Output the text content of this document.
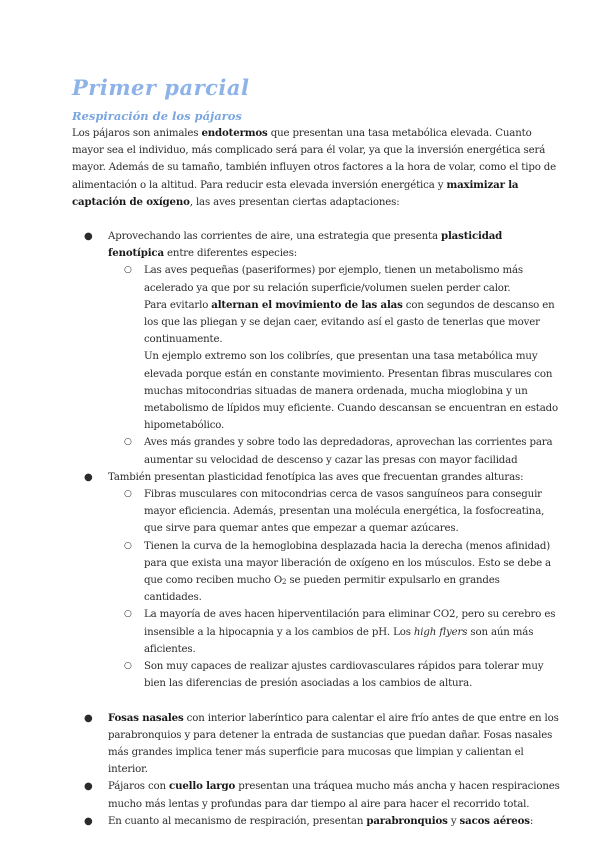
Primer parcial
Respiración de los pájaros

Los pájaros son animales endotermos que presentan una tasa metabólica elevada. Cuanto mayor sea el individuo, más complicado será para él volar, ya que la inversión energética será mayor. Además de su tamaño, también influyen otros factores a la hora de volar, como el tipo de alimentación o la altitud. Para reducir esta elevada inversión energética y maximizar la captación de oxígeno, las aves presentan ciertas adaptaciones:

● Aprovechando las corrientes de aire, una estrategia que presenta plasticidad fenotípica entre diferentes especies:

○ Las aves pequeñas (paseriformes) por ejemplo, tienen un metabolismo más acelerado ya que por su relación superficie/volumen suelen perder calor.

Para evitarlo alternan el movimiento de las alas con segundos de descanso en los que las pliegan y se dejan caer, evitando así el gasto de tenerlas que mover continuamente.

Un ejemplo extremo son los colibríes, que presentan una tasa metabólica muy elevada porque están en constante movimiento. Presentan fibras musculares con muchas mitocondrias situadas de manera ordenada, mucha mioglobina y un metabolismo de lípidos muy eficiente. Cuando descansan se encuentran en estado hipometabólico.

○ Aves más grandes y sobre todo las depredadoras, aprovechan las corrientes para aumentar su velocidad de descenso y cazar las presas con mayor facilidad

● También presentan plasticidad fenotípica las aves que frecuentan grandes alturas:

○ Fibras musculares con mitocondrias cerca de vasos sanguíneos para conseguir mayor eficiencia. Además, presentan una molécula energética, la fosfocreatina, que sirve para quemar antes que empezar a quemar azúcares.

○ Tienen la curva de la hemoglobina desplazada hacia la derecha (menos afinidad) para que exista una mayor liberación de oxígeno en los músculos. Esto se debe a que como reciben mucho $O_2$ se pueden permitir expulsarlo en grandes cantidades.

○ La mayoría de aves hacen hiperventilación para eliminar CO2, pero su cerebro es insensible a la hipocapnia y a los cambios de pH. Los high flyers son aún más aficientes.

○ Son muy capaces de realizar ajustes cardiovasculares rápidos para tolerar muy bien las diferencias de presión asociadas a los cambios de altura.

● Fosas nasales con interior laberíntico para calentar el aire frío antes de que entre en los parabronquios y para detener la entrada de sustancias que puedan dañar. Fosas nasales más grandes implica tener más superficie para mucosas que limpian y calientan el interior.

● Pájaros con cuello largo presentan una tráquea mucho más ancha y hacen respiraciones mucho más lentas y profundas para dar tiempo al aire para hacer el recorrido total.

● En cuanto al mecanismo de respiración, presentan parabronquios y sacos aéreos:
